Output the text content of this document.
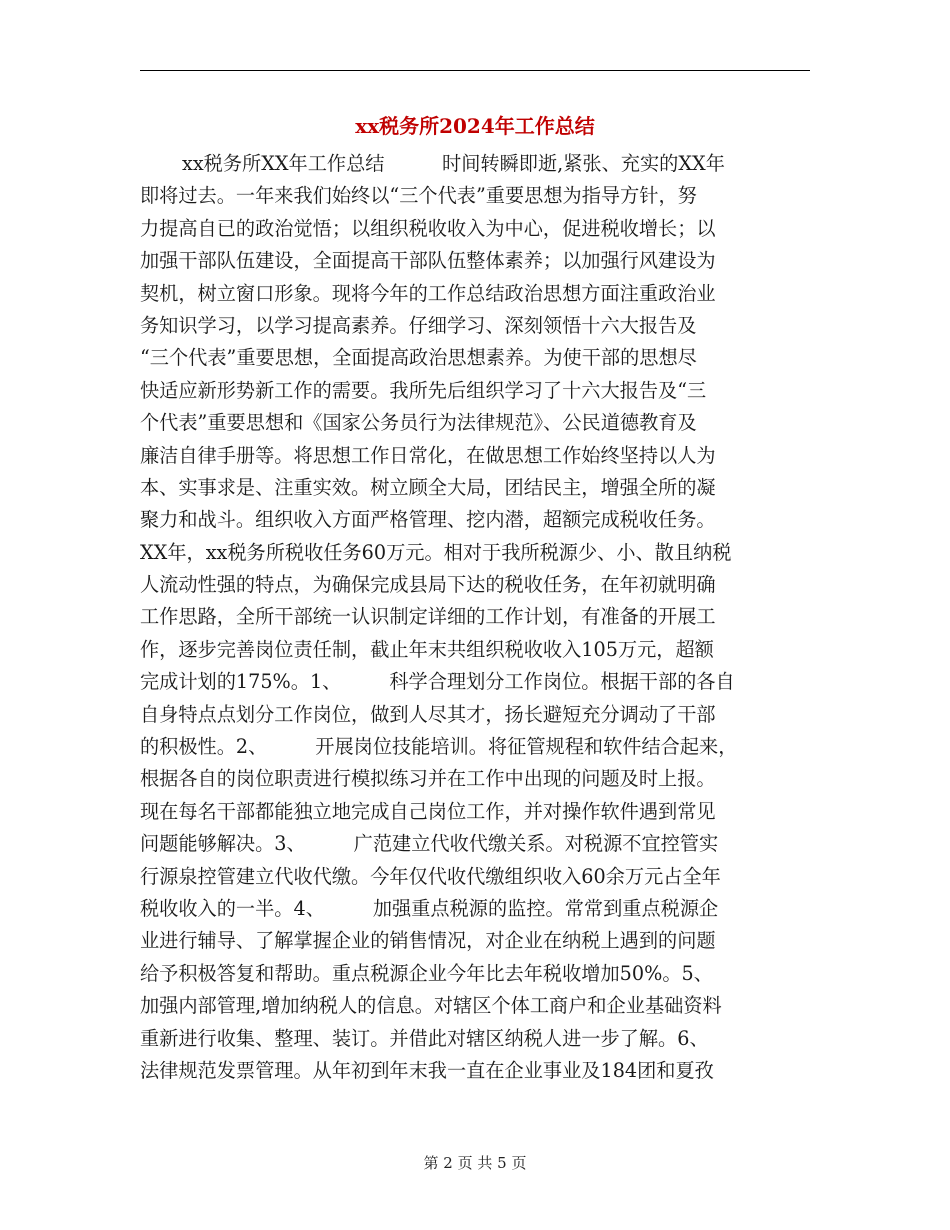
xx税务所2024年工作总结
xx税务所XX年工作总结　　　时间转瞬即逝,紧张、充实的XX年
即将过去。一年来我们始终以“三个代表”重要思想为指导方针，努
力提高自已的政治觉悟；以组织税收收入为中心，促进税收增长；以
加强干部队伍建设，全面提高干部队伍整体素养；以加强行风建设为
契机，树立窗口形象。现将今年的工作总结政治思想方面注重政治业
务知识学习，以学习提高素养。仔细学习、深刻领悟十六大报告及
“三个代表”重要思想，全面提高政治思想素养。为使干部的思想尽
快适应新形势新工作的需要。我所先后组织学习了十六大报告及“三
个代表”重要思想和《国家公务员行为法律规范》、公民道德教育及
廉洁自律手册等。将思想工作日常化，在做思想工作始终坚持以人为
本、实事求是、注重实效。树立顾全大局，团结民主，增强全所的凝
聚力和战斗。组织收入方面严格管理、挖内潜，超额完成税收任务。
XX年，xx税务所税收任务60万元。相对于我所税源少、小、散且纳税
人流动性强的特点，为确保完成县局下达的税收任务，在年初就明确
工作思路，全所干部统一认识制定详细的工作计划，有准备的开展工
作，逐步完善岗位责任制，截止年末共组织税收收入105万元，超额
完成计划的175%。1、　　　科学合理划分工作岗位。根据干部的各自
自身特点点划分工作岗位，做到人尽其才，扬长避短充分调动了干部
的积极性。2、　　　开展岗位技能培训。将征管规程和软件结合起来，
根据各自的岗位职责进行模拟练习并在工作中出现的问题及时上报。
现在每名干部都能独立地完成自己岗位工作，并对操作软件遇到常见
问题能够解决。3、　　　广范建立代收代缴关系。对税源不宜控管实
行源泉控管建立代收代缴。今年仅代收代缴组织收入60余万元占全年
税收收入的一半。4、　　　加强重点税源的监控。常常到重点税源企
业进行辅导、了解掌握企业的销售情况，对企业在纳税上遇到的问题
给予积极答复和帮助。重点税源企业今年比去年税收增加50%。5、
加强内部管理,增加纳税人的信息。对辖区个体工商户和企业基础资料
重新进行收集、整理、装订。并借此对辖区纳税人进一步了解。6、
法律规范发票管理。从年初到年末我一直在企业事业及184团和夏孜
第 2 页 共 5 页
